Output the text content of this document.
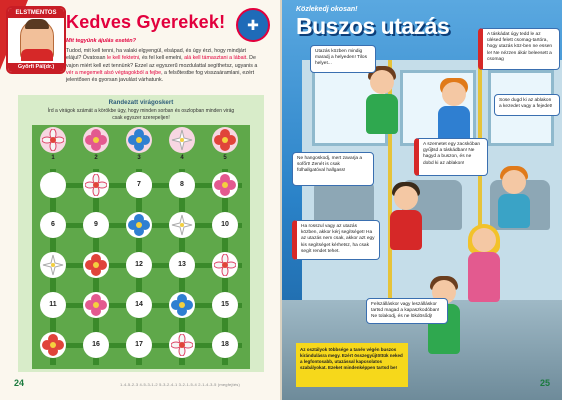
ELSTMENTOS
Győrfi Pál(dr.)
Kedves Gyerekek!	✚
Mit tegyünk ájulás esetén?
Tudod, mit kell tenni, ha valaki elgyengül, elsápad, és úgy érzi, hogy mindjárt elájul? Óvatosan le kell fektetni, és fel kell emelni, alá kell támasztani a lábait. De vajon miért kell ezt tennünk? Ezzel az egyszerű mozdulattal segíthetsz, ugyanis a vér a megemelt alsó végtagokból a fejbe, a felsőtestbe fog visszaáramlani, ezért jelentősen és gyorsan javulást várhatunk.
Randezatt virágoskert
Írd a virágok számát a körökbe úgy, hogy minden sorban és oszlopban minden virág csak egyszer szerepeljen!
1	2	3	4	5
8
6	9	10
12	13
11	14	15
16	17	18
7
24	1-4-5-2-3 4-5-3-1-2 5-3-2-4-1 3-2-1-5-4 2-1-4-3-5 (megfejtés)
Közlekedj okosan!
Buszos utazás
Utazás közben mindig maradj a helyeden! Tilos helyet...
A táskádat úgy tedd le az ülésed felett csomag-tartóra, hogy utazás köz-ben ne essen le! Ne nézzen ákár beleesett a csomag
Sose dugd ki az ablakon a kezedet vagy a fejedet!
Ne hangoskodj, mert zavarja a sofőrt! Zenét is csak fülhallgatóval hallgass!
A szemetet egy zacskóban gyűjtsd a táskádban! Ne hagyd a buszon, és ne dobd ki az ablakon!
Ha rosszul vagy az utazás közben, akkor kérj segítséget! Ha az utazás nem csak, akkor azt egy kis segítséget kérhetsz, ha csak segít rendet tehet.
Felszálláskor vagy leszálláskor tartsd magad a kapaszkodóban! Ne tolakodj, és ne lökdösődj!
Az osztályok többsége a tanév végén buszos kirándulásra megy. Ezért összegyűjtöttük neked a legfontosabb, utazással kapcsolatos szabályokat. Ezeket mindenképpen tartsd be!
25
